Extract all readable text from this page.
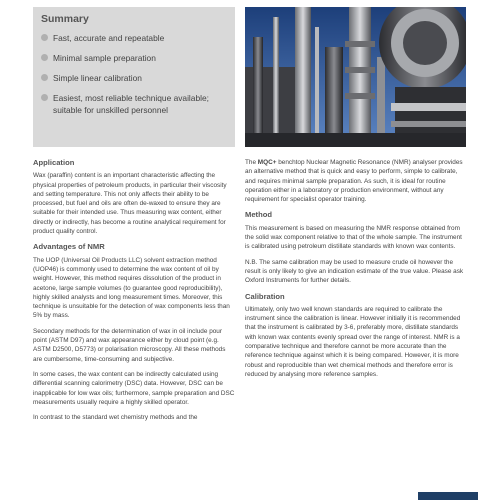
Summary
Fast, accurate and repeatable
Minimal sample preparation
Simple linear calibration
Easiest, most reliable technique available; suitable for unskilled personnel
Application

Wax (paraffin) content is an important characteristic affecting the physical properties of petroleum products, in particular their viscosity and setting temperature. This not only affects their ability to be processed, but fuel and oils are often de-waxed to ensure they are suitable for their intended use. Thus measuring wax content, either directly or indirectly, has become a routine analytical requirement for product quality control.

Advantages of NMR

The UOP (Universal Oil Products LLC) solvent extraction method (UOP46) is commonly used to determine the wax content of oil by weight. However, this method requires dissolution of the product in acetone, large sample volumes (to guarantee good reproducibility), highly skilled analysts and long measurement times. Moreover, this technique is unsuitable for the detection of wax components less than 5% by mass.

Secondary methods for the determination of wax in oil include pour point (ASTM D97) and wax appearance either by cloud point (e.g. ASTM D2500, D5773) or polarisation microscopy. All these methods are cumbersome, time-consuming and subjective.

In some cases, the wax content can be indirectly calculated using differential scanning calorimetry (DSC) data. However, DSC can be inapplicable for low wax oils; furthermore, sample preparation and DSC measurements usually require a highly skilled operator.

In contrast to the standard wet chemistry methods and the

The MQC+ benchtop Nuclear Magnetic Resonance (NMR) analyser provides an alternative method that is quick and easy to perform, simple to calibrate, and requires minimal sample preparation. As such, it is ideal for routine operation either in a laboratory or production environment, without any requirement for specialist operator training.

Method

This measurement is based on measuring the NMR response obtained from the solid wax component relative to that of the whole sample. The instrument is calibrated using petroleum distillate standards with known wax contents.

N.B. The same calibration may be used to measure crude oil however the result is only likely to give an indication estimate of the true value. Please ask Oxford Instruments for further details.

Calibration

Ultimately, only two well known standards are required to calibrate the instrument since the calibration is linear. However initially it is recommended that the instrument is calibrated by 3-6, preferably more, distillate standards with known wax contents evenly spread over the range of interest. NMR is a comparative technique and therefore cannot be more accurate than the reference technique against which it is being compared. However, it is more robust and reproducible than wet chemical methods and therefore error is reduced by analysing more reference samples.
